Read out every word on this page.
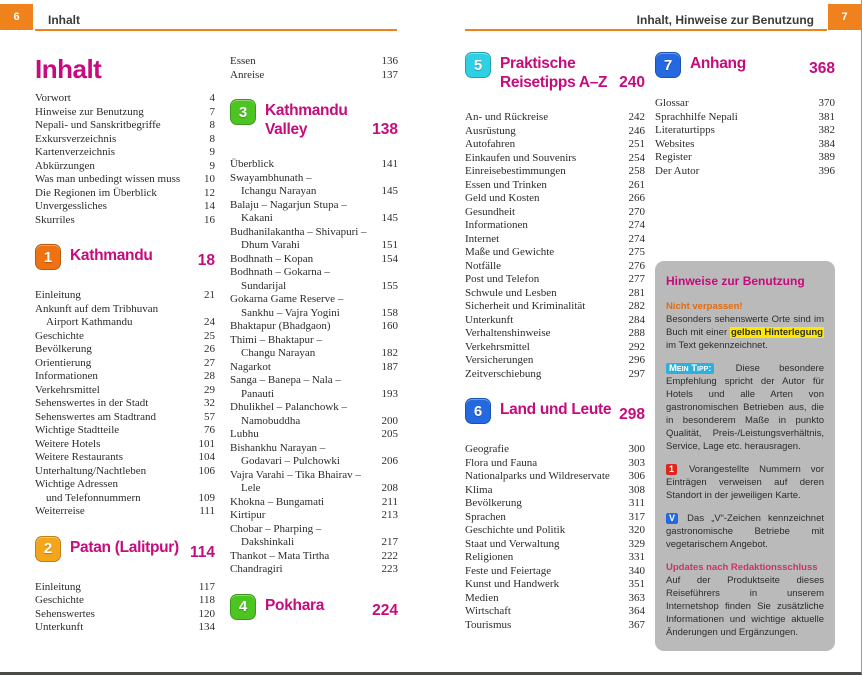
6 Inhalt	7
Inhalt, Hinweise zur Benutzung
Inhalt
Vorwort	4
Hinweise zur Benutzung	7
Nepali- und Sanskritbegriffe	8
Exkursverzeichnis	8
Kartenverzeichnis	9
Abkürzungen	9
Was man unbedingt wissen muss	10
Die Regionen im Überblick	12
Unvergessliches	14
Skurriles	16
1	Kathmandu	18
Einleitung	21
Ankunft auf dem Tribhuvan
Airport Kathmandu	24
Geschichte	25
Bevölkerung	26
Orientierung	27
Informationen	28
Verkehrsmittel	29
Sehenswertes in der Stadt	32
Sehenswertes am Stadtrand	57
Wichtige Stadtteile	76
Weitere Hotels	101
Weitere Restaurants	104
Unterhaltung/Nachtleben	106
Wichtige Adressen
und Telefonnummern	109
Weiterreise	111
2	Patan (Lalitpur) 114
Einleitung	117
Geschichte	118
Sehenswertes	120
Unterkunft	134
Essen	136
Anreise	137
3	Kathmandu
Valley	138
Überblick	141
Swayambhunath –
Ichangu Narayan	145
Balaju – Nagarjun Stupa –
Kakani	145
Budhanilakantha – Shivapuri –
Dhum Varahi	151
Bodhnath – Kopan	154
Bodhnath – Gokarna –
Sundarijal	155
Gokarna Game Reserve –
Sankhu – Vajra Yogini	158
Bhaktapur (Bhadgaon)	160
Thimi – Bhaktapur –
Changu Narayan	182
Nagarkot	187
Sanga – Banepa – Nala –
Panauti	193
Dhulikhel – Palanchowk –
Namobuddha	200
Lubhu	205
Bishankhu Narayan –
Godavari – Pulchowki	206
Vajra Varahi – Tika Bhairav –
Lele	208
Khokna – Bungamati	211
Kirtipur	213
Chobar – Pharping –
Dakshinkali	217
Thankot – Mata Tirtha	222
Chandragiri	223
4	Pokhara	224
5	Praktische
Reisetipps A–Z 240
An- und Rückreise	242
Ausrüstung	246
Autofahren	251
Einkaufen und Souvenirs	254
Einreisebestimmungen	258
Essen und Trinken	261
Geld und Kosten	266
Gesundheit	270
Informationen	274
Internet	274
Maße und Gewichte	275
Notfälle	276
Post und Telefon	277
Schwule und Lesben	281
Sicherheit und Kriminalität	282
Unterkunft	284
Verhaltenshinweise	288
Verkehrsmittel	292
Versicherungen	296
Zeitverschiebung	297
6	Land und Leute 298
Geografie	300
Flora und Fauna	303
Nationalparks und Wildreservate	306
Klima	308
Bevölkerung	311
Sprachen	317
Geschichte und Politik	320
Staat und Verwaltung	329
Religionen	331
Feste und Feiertage	340
Kunst und Handwerk	351
Medien	363
Wirtschaft	364
Tourismus	367
7	Anhang	368
Glossar	370
Sprachhilfe Nepali	381
Literaturtipps	382
Websites	384
Register	389
Der Autor	396
Hinweise zur Benutzung
Nicht verpassen!
Besonders sehenswerte Orte sind im Buch mit einer gelben Hinterlegung im Text gekennzeichnet.
Mein Tipp: Diese besondere Empfehlung spricht der Autor für Hotels und alle Arten von gastronomischen Betrieben aus, die in besonderem Maße in punkto Qualität, Preis-/Leistungsverhältnis, Service, Lage etc. herausragen.
1 Vorangestellte Nummern vor Einträgen verweisen auf deren Standort in der jeweiligen Karte.
V Das „V“-Zeichen kennzeichnet gastronomische Betriebe mit vegetarischem Angebot.
Updates nach Redaktionsschluss
Auf der Produktseite dieses Reiseführers in unserem Internetshop finden Sie zusätzliche Informationen und wichtige aktuelle Änderungen und Ergänzungen.
